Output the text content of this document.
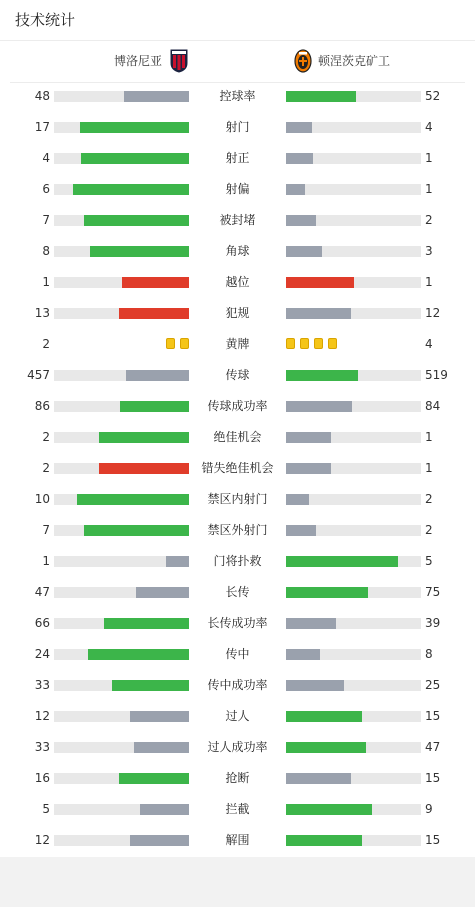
技术统计
博洛尼亚	顿涅茨克矿工
48	控球率	52
17	射门	4
4	射正	1
6	射偏	1
7	被封堵	2
8	角球	3
1	越位	1
13	犯规	12
2	黄牌	4
457	传球	519
86	传球成功率	84
2	绝佳机会	1
2	错失绝佳机会	1
10	禁区内射门	2
7	禁区外射门	2
1	门将扑救	5
47	长传	75
66	长传成功率	39
24	传中	8
33	传中成功率	25
12	过人	15
33	过人成功率	47
16	抢断	15
5	拦截	9
12	解围	15
